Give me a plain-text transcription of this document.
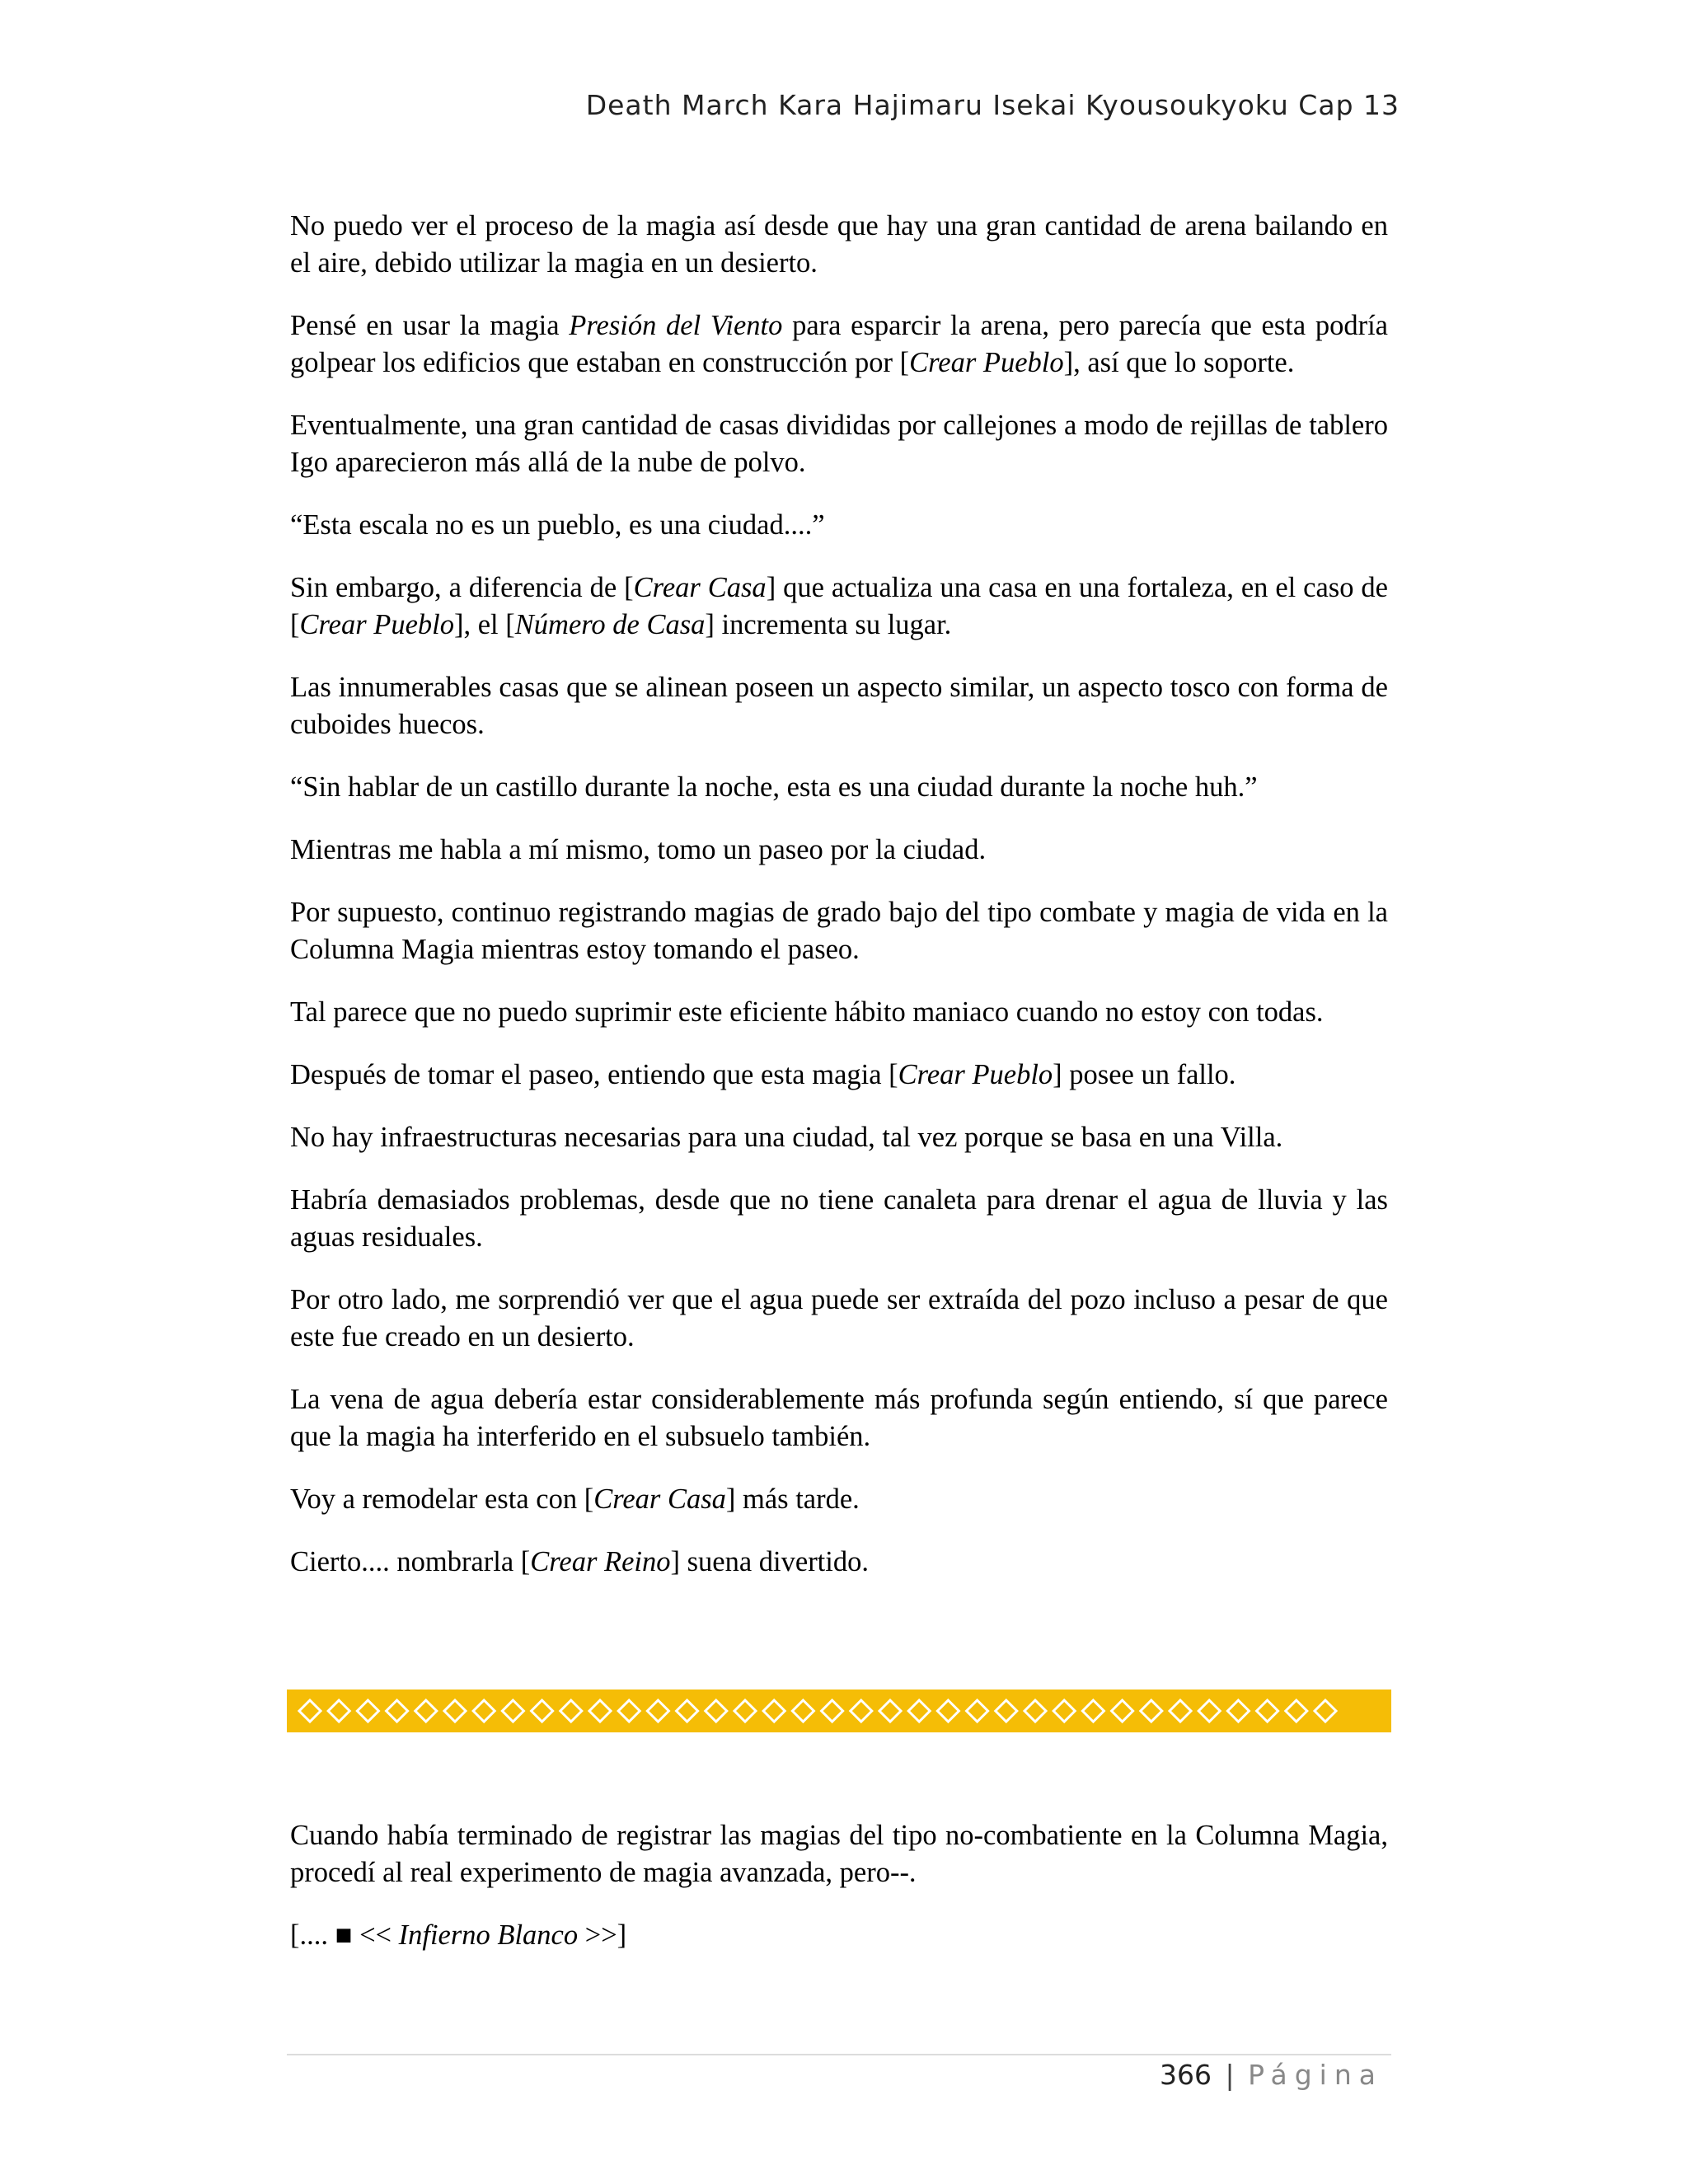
Death March Kara Hajimaru Isekai Kyousoukyoku Cap 13

No puedo ver el proceso de la magia así desde que hay una gran cantidad de arena bailando en el aire, debido utilizar la magia en un desierto.

Pensé en usar la magia Presión del Viento para esparcir la arena, pero parecía que esta podría golpear los edificios que estaban en construcción por [Crear Pueblo], así que lo soporte.

Eventualmente, una gran cantidad de casas divididas por callejones a modo de rejillas de tablero Igo aparecieron más allá de la nube de polvo.

“Esta escala no es un pueblo, es una ciudad....”

Sin embargo, a diferencia de [Crear Casa] que actualiza una casa en una fortaleza, en el caso de [Crear Pueblo], el [Número de Casa] incrementa su lugar.

Las innumerables casas que se alinean poseen un aspecto similar, un aspecto tosco con forma de cuboides huecos.

“Sin hablar de un castillo durante la noche, esta es una ciudad durante la noche huh.”

Mientras me habla a mí mismo, tomo un paseo por la ciudad.

Por supuesto, continuo registrando magias de grado bajo del tipo combate y magia de vida en la Columna Magia mientras estoy tomando el paseo.

Tal parece que no puedo suprimir este eficiente hábito maniaco cuando no estoy con todas.

Después de tomar el paseo, entiendo que esta magia [Crear Pueblo] posee un fallo.

No hay infraestructuras necesarias para una ciudad, tal vez porque se basa en una Villa.

Habría demasiados problemas, desde que no tiene canaleta para drenar el agua de lluvia y las aguas residuales.

Por otro lado, me sorprendió ver que el agua puede ser extraída del pozo incluso a pesar de que este fue creado en un desierto.

La vena de agua debería estar considerablemente más profunda según entiendo, sí que parece que la magia ha interferido en el subsuelo también.

Voy a remodelar esta con [Crear Casa] más tarde.

Cierto.... nombrarla [Crear Reino] suena divertido.

Cuando había terminado de registrar las magias del tipo no-combatiente en la Columna Magia, procedí al real experimento de magia avanzada, pero--.

[.... ■ << Infierno Blanco >>]

366 | Página
